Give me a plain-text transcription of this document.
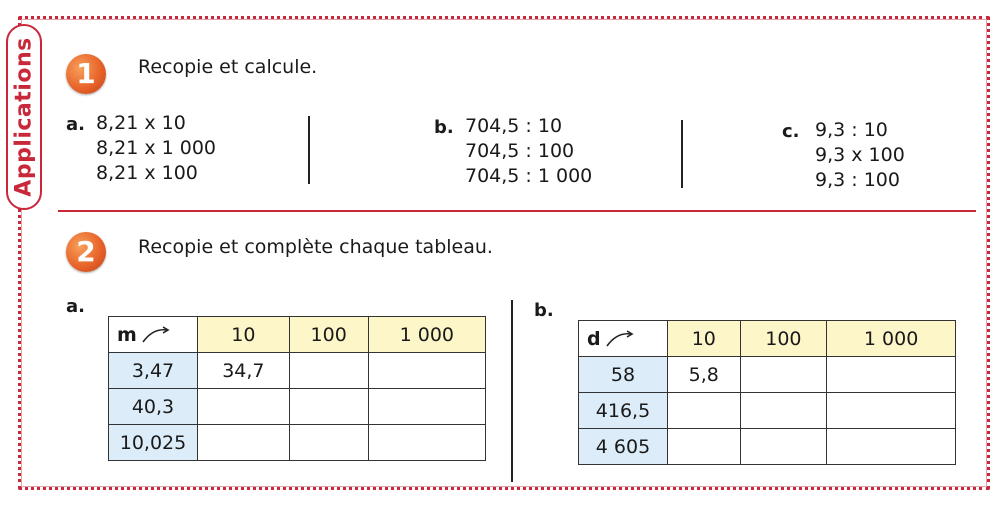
Applications	1	Recopie et calcule.
a. 8,21 x 10
8,21 x 1 000
8,21 x 100
b. 704,5 : 10
704,5 : 100
704,5 : 1 000
c. 9,3 : 10
9,3 x 100
9,3 : 100
2	Recopie et complète chaque tableau.
a.
m	10	100	1 000
3,47	34,7		
40,3			
10,025			
b.
d	10	100	1 000
58	5,8		
416,5			
4 605			
